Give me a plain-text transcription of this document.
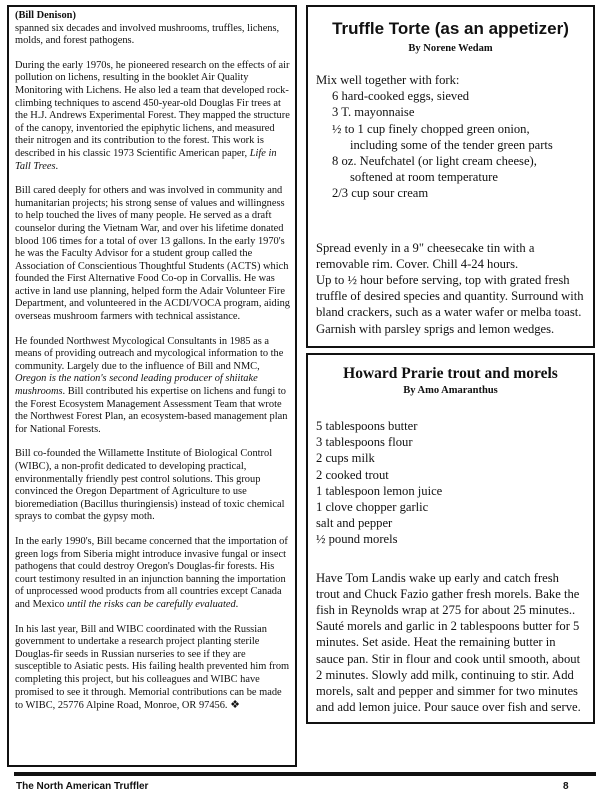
(Bill Denison)
spanned six decades and involved mushrooms, truffles, lichens, molds, and forest pathogens.

During the early 1970s, he pioneered research on the effects of air pollution on lichens, resulting in the booklet Air Quality Monitoring with Lichens. He also led a team that developed rock-climbing techniques to ascend 450-year-old Douglas Fir trees at the H.J. Andrews Experimental Forest. They mapped the structure of the canopy, inventoried the epiphytic lichens, and measured their nitrogen and its contribution to the forest. This work is described in his classic 1973 Scientific American paper, Life in Tall Trees.

Bill cared deeply for others and was involved in community and humanitarian projects; his strong sense of values and willingness to help touched the lives of many people. He served as a draft counselor during the Vietnam War, and over his lifetime donated blood 106 times for a total of over 13 gallons. In the early 1970's he was the Faculty Advisor for a student group called the Association of Conscientious Thoughtful Students (ACTS) which founded the First Alternative Food Co-op in Corvallis. He was active in land use planning, helped form the Adair Volunteer Fire Department, and volunteered in the ACDI/VOCA program, aiding overseas mushroom farmers with technical assistance.

He founded Northwest Mycological Consultants in 1985 as a means of providing outreach and mycological information to the community. Largely due to the influence of Bill and NMC, Oregon is the nation's second leading producer of shiitake mushrooms. Bill contributed his expertise on lichens and fungi to the Forest Ecosystem Management Assessment Team that wrote the Northwest Forest Plan, an ecosystem-based management plan for National Forests.

Bill co-founded the Willamette Institute of Biological Control (WIBC), a non-profit dedicated to developing practical, environmentally friendly pest control solutions. This group convinced the Oregon Department of Agriculture to use bioremediation (Bacillus thuringiensis) instead of toxic chemical sprays to combat the gypsy moth.

In the early 1990's, Bill became concerned that the importation of green logs from Siberia might introduce invasive fungal or insect pathogens that could destroy Oregon's Douglas-fir forests. His court testimony resulted in an injunction banning the importation of unprocessed wood products from all countries except Canada and Mexico until the risks can be carefully evaluated.

In his last year, Bill and WIBC coordinated with the Russian government to undertake a research project planting sterile Douglas-fir seeds in Russian nurseries to see if they are susceptible to Asiatic pests. His failing health prevented him from completing this project, but his colleagues and WIBC have promised to see it through. Memorial contributions can be made to WIBC, 25776 Alpine Road, Monroe, OR 97456. ❖

Truffle Torte (as an appetizer)
By Norene Wedam
Mix well together with fork:
6 hard-cooked eggs, sieved
3 T. mayonnaise
½ to 1 cup finely chopped green onion,
including some of the tender green parts
8 oz. Neufchatel (or light cream cheese),
softened at room temperature
2/3 cup sour cream
Spread evenly in a 9" cheesecake tin with a removable rim. Cover. Chill 4-24 hours.
Up to ½ hour before serving, top with grated fresh truffle of desired species and quantity. Surround with bland crackers, such as a water wafer or melba toast. Garnish with parsley sprigs and lemon wedges.
Howard Prarie trout and morels
By Amo Amaranthus
5 tablespoons butter
3 tablespoons flour
2 cups milk
2 cooked trout
1 tablespoon lemon juice
1 clove chopper garlic
salt and pepper
½ pound morels
Have Tom Landis wake up early and catch fresh trout and Chuck Fazio gather fresh morels. Bake the fish in Reynolds wrap at 275 for about 25 minutes.. Sauté morels and garlic in 2 tablespoons butter for 5 minutes. Set aside. Heat the remaining butter in sauce pan. Stir in flour and cook until smooth, about 2 minutes. Slowly add milk, continuing to stir. Add morels, salt and pepper and simmer for two minutes and add lemon juice. Pour sauce over fish and serve.
The North American Truffler	8
